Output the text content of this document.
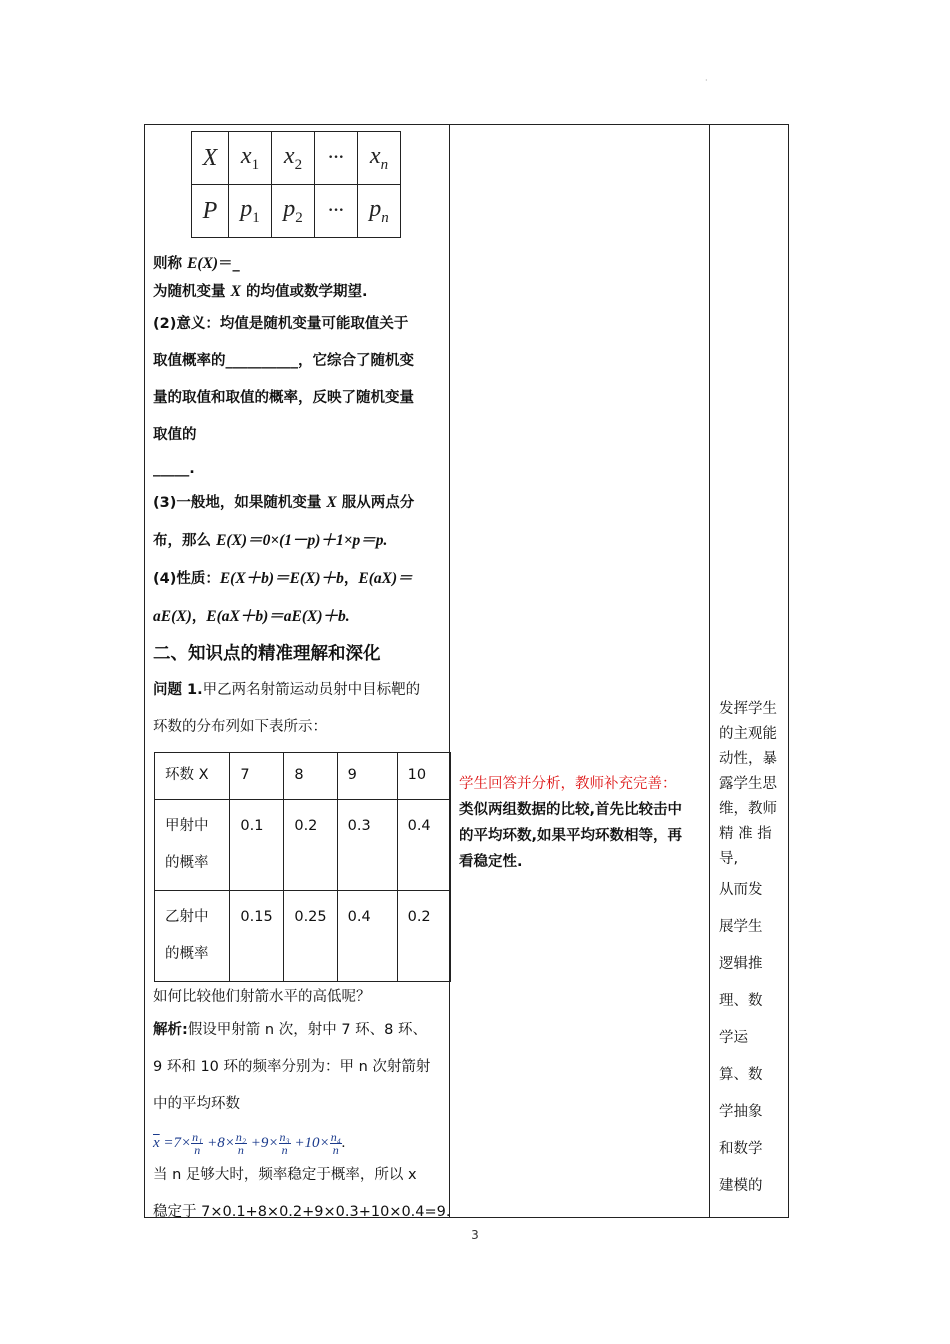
·
X	$x_1$	$x_2$	···	$x_n$
P	$p_1$	$p_2$	···	$p_n$
则称 E(X)＝_
为随机变量 X 的均值或数学期望.
(2)意义：均值是随机变量可能取值关于
取值概率的__________，它综合了随机变
量的取值和取值的概率，反映了随机变量
取值的
_____.
(3)一般地，如果随机变量 X 服从两点分
布，那么 E(X)＝0×(1－p)＋1×p＝p.
(4)性质：E(X＋b)＝E(X)＋b，E(aX)＝
aE(X)，E(aX＋b)＝aE(X)＋b.
二、知识点的精准理解和深化
问题 1.甲乙两名射箭运动员射中目标靶的
环数的分布列如下表所示：
环数 X	7	8	9	10
甲射中
的概率	0.1	0.2	0.3	0.4
乙射中
的概率	0.15	0.25	0.4	0.2
如何比较他们射箭水平的高低呢？
解析:假设甲射箭 n 次，射中 7 环、8 环、
9 环和 10 环的频率分别为：甲 n 次射箭射
中的平均环数
$\overline{x} =7\times \frac{\text{n₁}}{n} +8\times \frac{\text{n₂}}{n} +9\times \frac{\text{n₃}}{n} +10\times \frac{\text{n₄}}{n}$ .
当 n 足够大时，频率稳定于概率，所以 x
稳定于 7×0.1+8×0.2+9×0.3+10×0.4=9.
学生回答并分析，教师补充完善：
类似两组数据的比较,首先比较击中
的平均环数,如果平均环数相等，再
看稳定性.
发挥学生
的主观能
动性，暴
露学生思
维，教师
精 准 指
导,
从而发
展学生
逻辑推
理、数
学运
算、数
学抽象
和数学
建模的
3
